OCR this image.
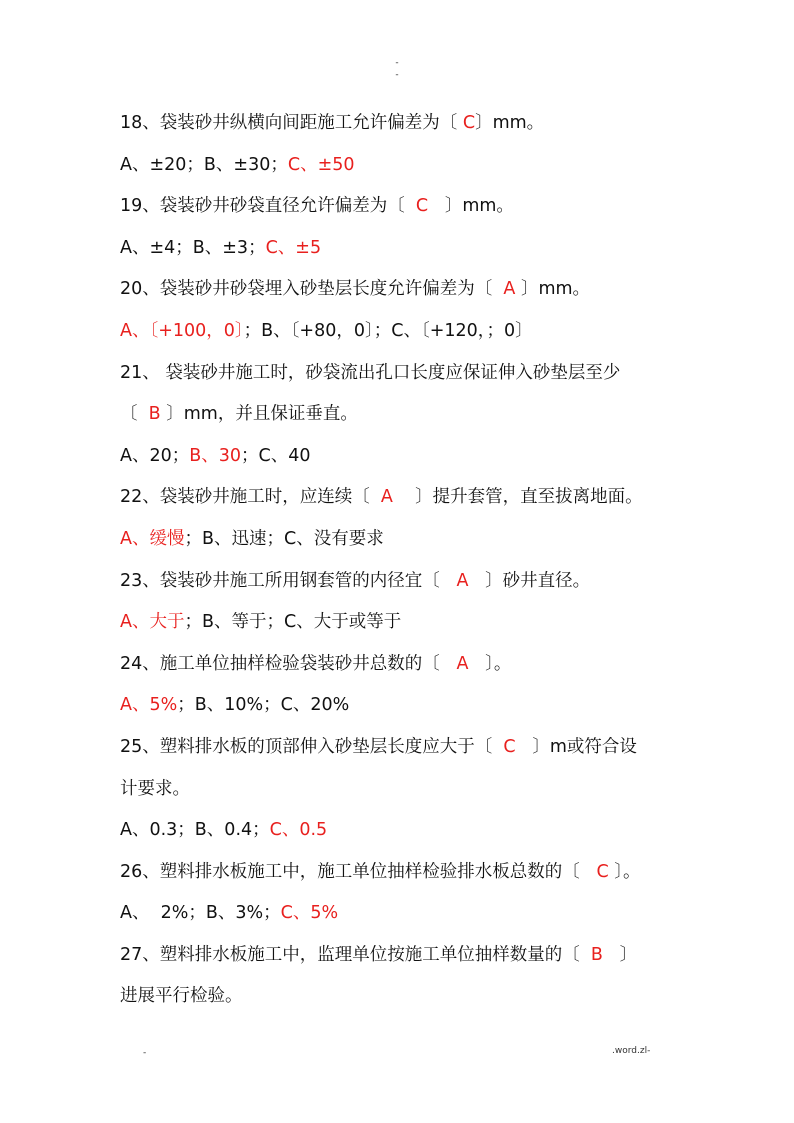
-
-
18、袋装砂井纵横向间距施工允许偏差为〔 C〕mm。
A、±20；B、±30；C、±50
19、袋装砂井砂袋直径允许偏差为〔  C   〕mm。
A、±4；B、±3；C、±5
20、袋装砂井砂袋埋入砂垫层长度允许偏差为〔  A 〕mm。
A、〔+100，0〕；B、〔+80，0〕；C、〔+120，；0〕
21、 袋装砂井施工时，砂袋流出孔口长度应保证伸入砂垫层至少
〔  B 〕mm，并且保证垂直。
A、20；B、30；C、40
22、袋装砂井施工时，应连续〔  A    〕提升套管，直至拔离地面。
A、缓慢；B、迅速；C、没有要求
23、袋装砂井施工所用钢套管的内径宜〔   A   〕砂井直径。
A、大于；B、等于；C、大于或等于
24、施工单位抽样检验袋装砂井总数的〔   A   〕。
A、5%；B、10%；C、20%
25、塑料排水板的顶部伸入砂垫层长度应大于〔  C   〕m或符合设
计要求。
A、0.3；B、0.4；C、0.5
26、塑料排水板施工中，施工单位抽样检验排水板总数的〔   C 〕。
A、  2%；B、3%；C、5%
27、塑料排水板施工中，监理单位按施工单位抽样数量的〔  B   〕
进展平行检验。
-	.word.zl-
